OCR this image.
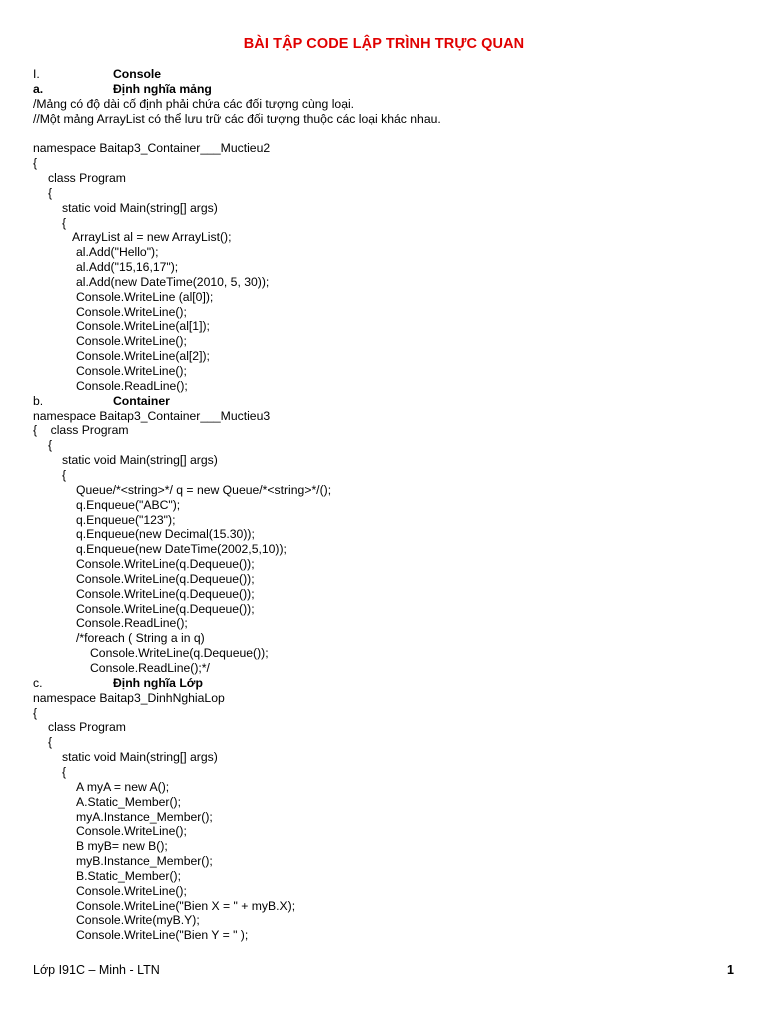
BÀI TẬP CODE LẬP TRÌNH TRỰC QUAN
I.	Console
a.	Định nghĩa mảng
/Mảng có độ dài cố định phải chứa các đối tượng cùng loại.
//Một mảng ArrayList có thể lưu trữ các đối tượng thuộc các loại khác nhau.
namespace Baitap3_Container___Muctieu2
{
class Program
{
static void Main(string[] args)
{
ArrayList al = new ArrayList();
al.Add("Hello");
al.Add("15,16,17");
al.Add(new DateTime(2010, 5, 30));
Console.WriteLine (al[0]);
Console.WriteLine();
Console.WriteLine(al[1]);
Console.WriteLine();
Console.WriteLine(al[2]);
Console.WriteLine();
Console.ReadLine();
b.	Container
namespace Baitap3_Container___Muctieu3
{    class Program
{
static void Main(string[] args)
{
Queue/*<string>*/ q = new Queue/*<string>*/();
q.Enqueue("ABC");
q.Enqueue("123");
q.Enqueue(new Decimal(15.30));
q.Enqueue(new DateTime(2002,5,10));
Console.WriteLine(q.Dequeue());
Console.WriteLine(q.Dequeue());
Console.WriteLine(q.Dequeue());
Console.WriteLine(q.Dequeue());
Console.ReadLine();
/*foreach ( String a in q)
Console.WriteLine(q.Dequeue());
Console.ReadLine();*/
c.	Định nghĩa Lớp
namespace Baitap3_DinhNghiaLop
{
class Program
{
static void Main(string[] args)
{
A myA = new A();
A.Static_Member();
myA.Instance_Member();
Console.WriteLine();
B myB= new B();
myB.Instance_Member();
B.Static_Member();
Console.WriteLine();
Console.WriteLine("Bien X = " + myB.X);
Console.Write(myB.Y);
Console.WriteLine("Bien Y = " );
Lớp I91C – Minh - LTN	1
